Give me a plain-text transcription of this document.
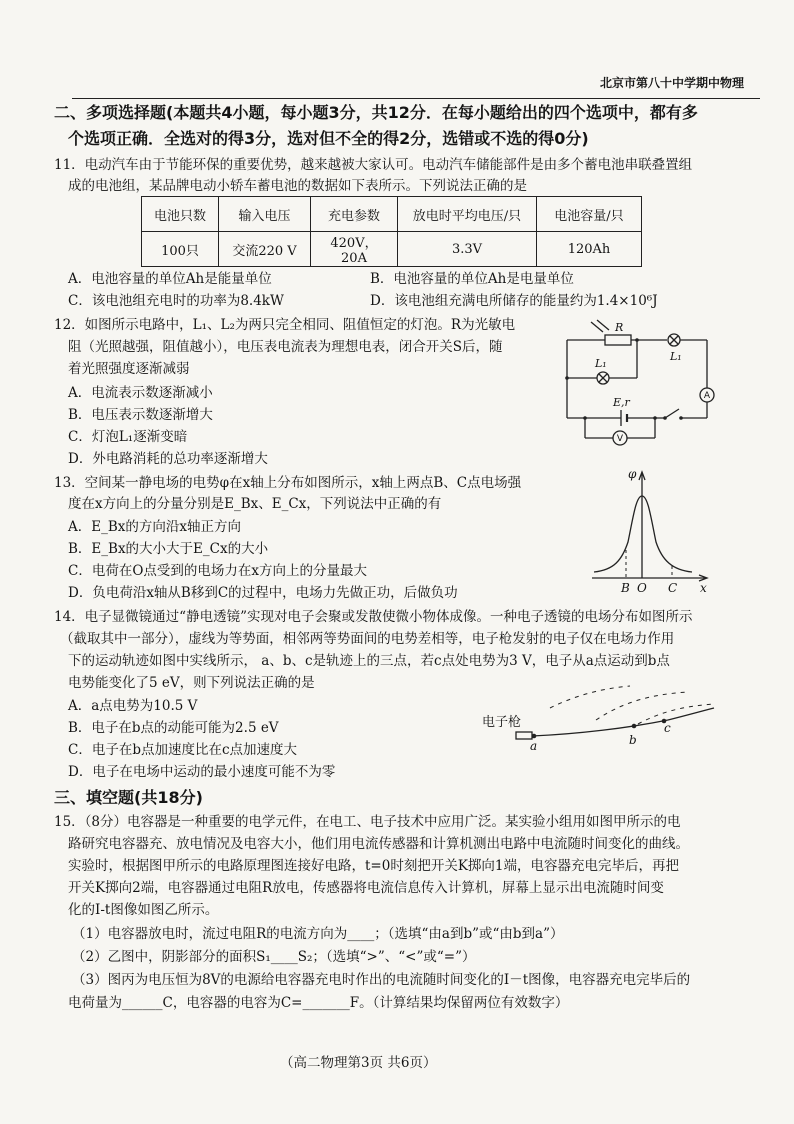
北京市第八十中学期中物理
二、多项选择题(本题共4小题，每小题3分，共12分．在每小题给出的四个选项中，都有多
个选项正确．全选对的得3分，选对但不全的得2分，选错或不选的得0分)
11．电动汽车由于节能环保的重要优势，越来越被大家认可。电动汽车储能部件是由多个蓄电池串联叠置组
成的电池组，某品牌电动小轿车蓄电池的数据如下表所示。下列说法正确的是
电池只数	输入电压	充电参数	放电时平均电压/只	电池容量/只
100只	交流220 V	420V，20A	3.3V	120Ah
A．电池容量的单位Ah是能量单位	B．电池容量的单位Ah是电量单位
C．该电池组充电时的功率为8.4kW	D．该电池组充满电所储存的能量约为1.4×10⁶J
12．如图所示电路中，L₁、L₂为两只完全相同、阻值恒定的灯泡。R为光敏电
阻（光照越强，阻值越小），电压表电流表为理想电表，闭合开关S后，随
着光照强度逐渐减弱
A．电流表示数逐渐减小
B．电压表示数逐渐增大
C．灯泡L₁逐渐变暗
D．外电路消耗的总功率逐渐增大
R
L₁
L₁
E,r	A
V
13．空间某一静电场的电势φ在x轴上分布如图所示，x轴上两点B、C点电场强
度在x方向上的分量分别是E_Bx、E_Cx，下列说法中正确的有
A．E_Bx的方向沿x轴正方向
B．E_Bx的大小大于E_Cx的大小
C．电荷在O点受到的电场力在x方向上的分量最大
D．负电荷沿x轴从B移到C的过程中，电场力先做正功，后做负功
φ
B O C x
14．电子显微镜通过“静电透镜”实现对电子会聚或发散使微小物体成像。一种电子透镜的电场分布如图所示
（截取其中一部分），虚线为等势面，相邻两等势面间的电势差相等，电子枪发射的电子仅在电场力作用
下的运动轨迹如图中实线所示， a、b、c是轨迹上的三点，若c点处电势为3 V，电子从a点运动到b点
电势能变化了5 eV，则下列说法正确的是
A．a点电势为10.5 V
B．电子在b点的动能可能为2.5 eV
C．电子在b点加速度比在c点加速度大
D．电子在电场中运动的最小速度可能不为零
电子枪
a	b
c
三、填空题(共18分)
15．（8分）电容器是一种重要的电学元件，在电工、电子技术中应用广泛。某实验小组用如图甲所示的电
路研究电容器充、放电情况及电容大小，他们用电流传感器和计算机测出电路中电流随时间变化的曲线。
实验时，根据图甲所示的电路原理图连接好电路，t=0时刻把开关K掷向1端，电容器充电完毕后，再把
开关K掷向2端，电容器通过电阻R放电，传感器将电流信息传入计算机，屏幕上显示出电流随时间变
化的I-t图像如图乙所示。
（1）电容器放电时，流过电阻R的电流方向为____；（选填“由a到b”或“由b到a”）
（2）乙图中，阴影部分的面积S₁____S₂；（选填“>”、“<”或“=”）
（3）图丙为电压恒为8V的电源给电容器充电时作出的电流随时间变化的I－t图像，电容器充电完毕后的
电荷量为______C，电容器的电容为C=_______F。（计算结果均保留两位有效数字）
（高二物理第3页 共6页）
